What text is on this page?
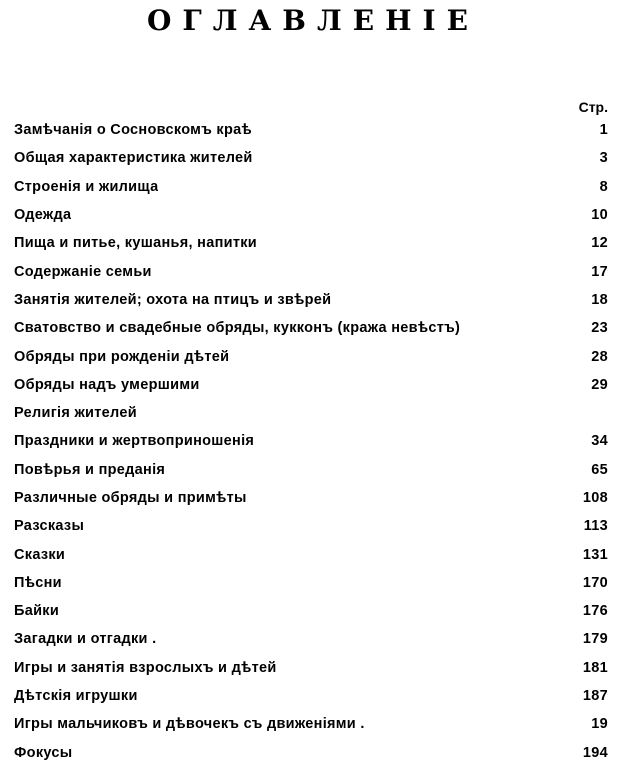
ОГЛАВЛЕНІЕ
Стр.
Замѣчанія о Сосновскомъ краѣ	1
Общая характеристика жителей	3
Строенія и жилища	8
Одежда	10
Пища и питье, кушанья, напитки	12
Содержаніе семьи	17
Занятія жителей; охота на птицъ и звѣрей	18
Сватовство и свадебные обряды, кукконъ (кража невѣстъ)	23
Обряды при рожденіи дѣтей	28
Обряды надъ умершими	29
Религія жителей
Праздники и жертвоприношенія	34
Повѣрья и преданія	65
Различные обряды и примѣты	108
Разсказы	113
Сказки	131
Пѣсни	170
Байки	176
Загадки и отгадки .	179
Игры и занятія взрослыхъ и дѣтей	181
Дѣтскія игрушки	187
Игры мальчиковъ и дѣвочекъ съ движеніями .	19
Фокусы	194
